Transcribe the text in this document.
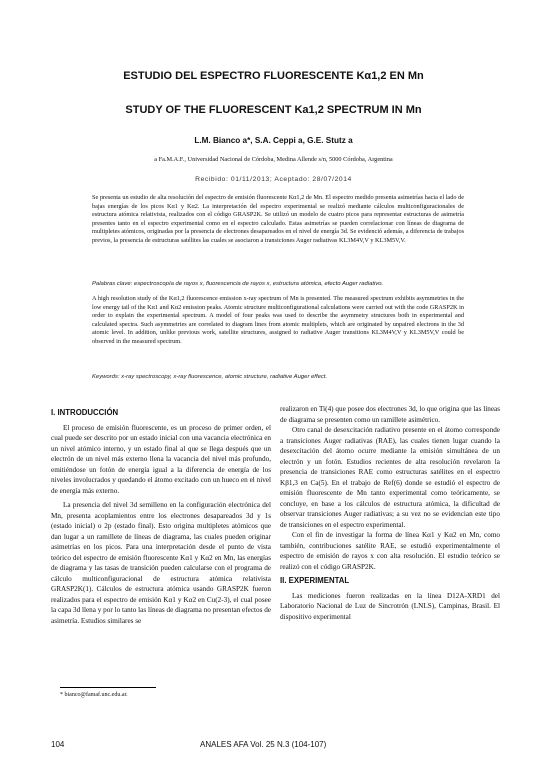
ESTUDIO DEL ESPECTRO FLUORESCENTE Kα1,2 EN Mn
STUDY OF THE FLUORESCENT Ka1,2 SPECTRUM IN Mn
L.M. Bianco a*, S.A. Ceppi a, G.E. Stutz a
a Fa.M.A.F., Universidad Nacional de Córdoba, Medina Allende s/n, 5000 Córdoba, Argentina
Recibido: 01/11/2013; Aceptado: 28/07/2014
Se presenta un estudio de alta resolución del espectro de emisión fluorescente Kα1,2 de Mn. El espectro medido presenta asimetrías hacia el lado de bajas energías de los picos Kα1 y Kα2. La interpretación del espectro experimental se realizó mediante cálculos multiconfiguracionales de estructura atómica relativista, realizados con el código GRASP2K. Se utilizó un modelo de cuatro picos para representar estructuras de asimetría presentes tanto en el espectro experimental como en el espectro calculado. Estas asimetrías se pueden correlacionar con líneas de diagrama de multipletes atómicos, originadas por la presencia de electrones desapareados en el nivel de energía 3d. Se evidenció además, a diferencia de trabajos previos, la presencia de estructuras satélites las cuales se asociaron a transiciones Auger radiativas KL3M4V,V y KL3M5V,V.
Palabras clave: espectroscopía de rayos x, fluorescencia de rayos x, estructura atómica, efecto Auger radiativo.
A high resolution study of the Kα1,2 fluorescence emission x-ray spectrum of Mn is presented. The measured spectrum exhibits asymmetries in the low energy tail of the Kα1 and Kα2 emission peaks. Atomic structure multiconfigurational calculations were carried out with the code GRASP2K in order to explain the experimental spectrum. A model of four peaks was used to describe the asymmetry structures both in experimental and calculated spectra. Such asymmetries are correlated to diagram lines from atomic multiplets, which are originated by unpaired electrons in the 3d atomic level. In addition, unlike previous work, satellite structures, assigned to radiative Auger transitions KL3M4V,V y KL3M5V,V could be observed in the measured spectrum.
Keywords: x-ray spectroscopy, x-ray fluorescence, atomic structure, radiative Auger effect.
I. INTRODUCCIÓN

El proceso de emisión fluorescente, es un proceso de primer orden, el cual puede ser descrito por un estado inicial con una vacancia electrónica en un nivel atómico interno, y un estado final al que se llega después que un electrón de un nivel más externo llena la vacancia del nivel más profundo, emitiéndose un fotón de energía igual a la diferencia de energía de los niveles involucrados y quedando el átomo excitado con un hueco en el nivel de energía más externo.

La presencia del nivel 3d semilleno en la configuración electrónica del Mn, presenta acoplamientos entre los electrones desapareados 3d y 1s (estado inicial) o 2p (estado final). Esto origina multipletes atómicos que dan lugar a un ramillete de líneas de diagrama, las cuales pueden originar asimetrías en los picos. Para una interpretación desde el punto de vista teórico del espectro de emisión fluorescente Kα1 y Kα2 en Mn, las energías de diagrama y las tasas de transición pueden calcularse con el programa de cálculo multiconfiguracional de estructura atómica relativista GRASP2K(1). Cálculos de estructura atómica usando GRASP2K fueron realizados para el espectro de emisión Kα1 y Kα2 en Cu(2-3), el cual posee la capa 3d llena y por lo tanto las líneas de diagrama no presentan efectos de asimetría. Estudios similares se

realizaron en Ti(4) que posee dos electrones 3d, lo que origina que las líneas de diagrama se presenten como un ramillete asimétrico.

Otro canal de desexcitación radiativo presente en el átomo corresponde a transiciones Auger radiativas (RAE), las cuales tienen lugar cuando la desexcitación del átomo ocurre mediante la emisión simultánea de un electrón y un fotón. Estudios recientes de alta resolución revelaron la presencia de transiciones RAE como estructuras satélites en el espectro Kβ1,3 en Ca(5). En el trabajo de Ref(6) donde se estudió el espectro de emisión fluorescente de Mn tanto experimental como teóricamente, se concluye, en base a los cálculos de estructura atómica, la dificultad de observar transiciones Auger radiativas; a su vez no se evidencian este tipo de transiciones en el espectro experimental.

Con el fin de investigar la forma de línea Kα1 y Kα2 en Mn, como también, contribuciones satélite RAE, se estudió experimentalmente el espectro de emisión de rayos x con alta resolución. El estudio teórico se realizó con el código GRASP2K.

II. EXPERIMENTAL

Las mediciones fueron realizadas en la línea D12A-XRD1 del Laboratorio Nacional de Luz de Sincrotrón (LNLS), Campinas, Brasil. El dispositivo experimental

* bianco@famaf.unc.edu.ar.
104	ANALES AFA Vol. 25 N.3 (104-107)
